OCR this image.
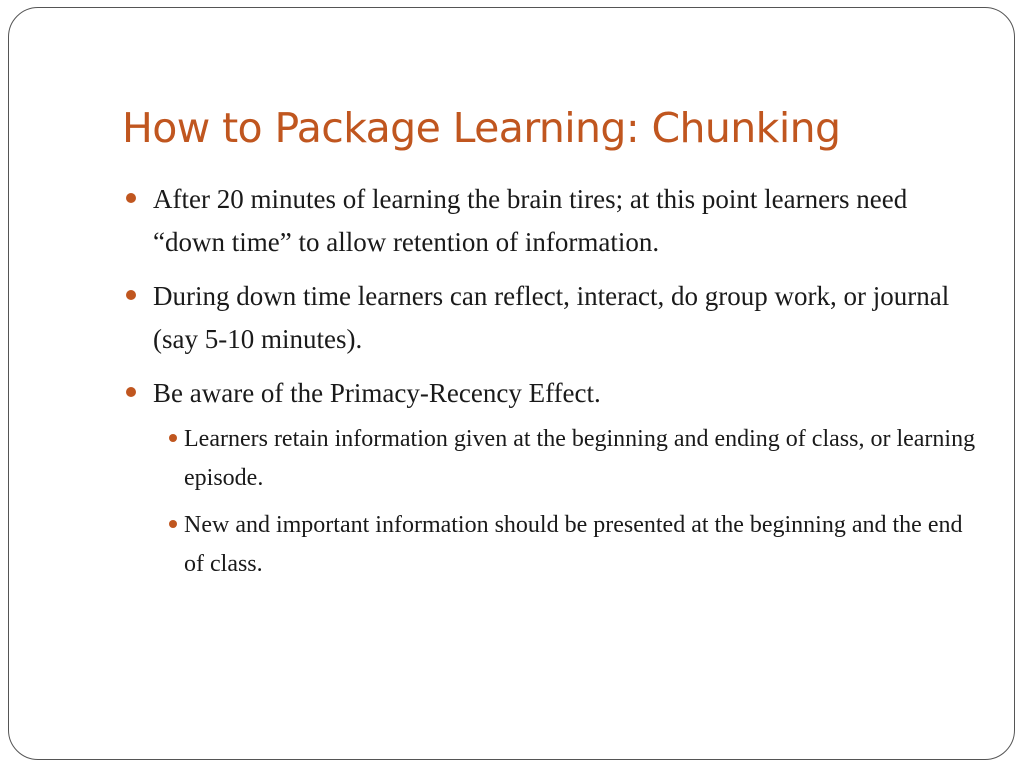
How to Package Learning: Chunking
After 20 minutes of learning the brain tires; at this point learners need “down time” to allow retention of information.
During down time learners can reflect, interact, do group work, or journal (say 5-10 minutes).
Be aware of the Primacy-Recency Effect.
Learners retain information given at the beginning and ending of class, or learning episode.
New and important information should be presented at the beginning and the end of class.
